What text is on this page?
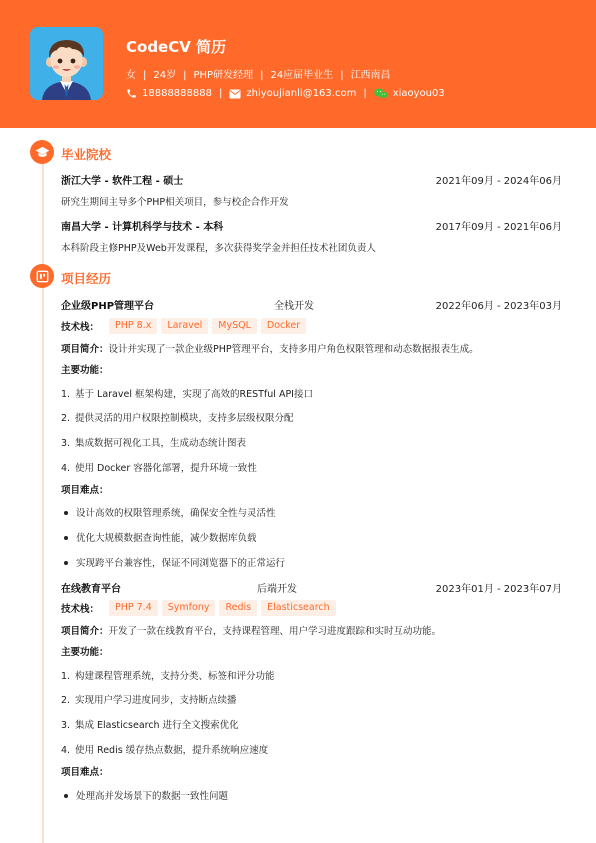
CodeCV 简历
女 | 24岁 | PHP研发经理 | 24应届毕业生 | 江西南昌
18888888888 | zhiyoujianli@163.com |	xiaoyou03
毕业院校
浙江大学 - 软件工程 - 硕士	2021年09月 - 2024年06月
研究生期间主导多个PHP相关项目，参与校企合作开发
南昌大学 - 计算机科学与技术 - 本科	2017年09月 - 2021年06月
本科阶段主修PHP及Web开发课程，多次获得奖学金并担任技术社团负责人
项目经历
企业级PHP管理平台	全栈开发	2022年06月 - 2023年03月
技术栈：	PHP 8.x	Laravel	MySQL	Docker
项目简介：设计并实现了一款企业级PHP管理平台，支持多用户角色权限管理和动态数据报表生成。
主要功能：
1. 基于 Laravel 框架构建，实现了高效的RESTful API接口
2. 提供灵活的用户权限控制模块，支持多层级权限分配
3. 集成数据可视化工具，生成动态统计图表
4. 使用 Docker 容器化部署，提升环境一致性
项目难点：
设计高效的权限管理系统，确保安全性与灵活性
优化大规模数据查询性能，减少数据库负载
实现跨平台兼容性，保证不同浏览器下的正常运行
在线教育平台	后端开发	2023年01月 - 2023年07月
技术栈：	PHP 7.4	Symfony	Redis	Elasticsearch
项目简介：开发了一款在线教育平台，支持课程管理、用户学习进度跟踪和实时互动功能。
主要功能：
1. 构建课程管理系统，支持分类、标签和评分功能
2. 实现用户学习进度同步，支持断点续播
3. 集成 Elasticsearch 进行全文搜索优化
4. 使用 Redis 缓存热点数据，提升系统响应速度
项目难点：
处理高并发场景下的数据一致性问题
